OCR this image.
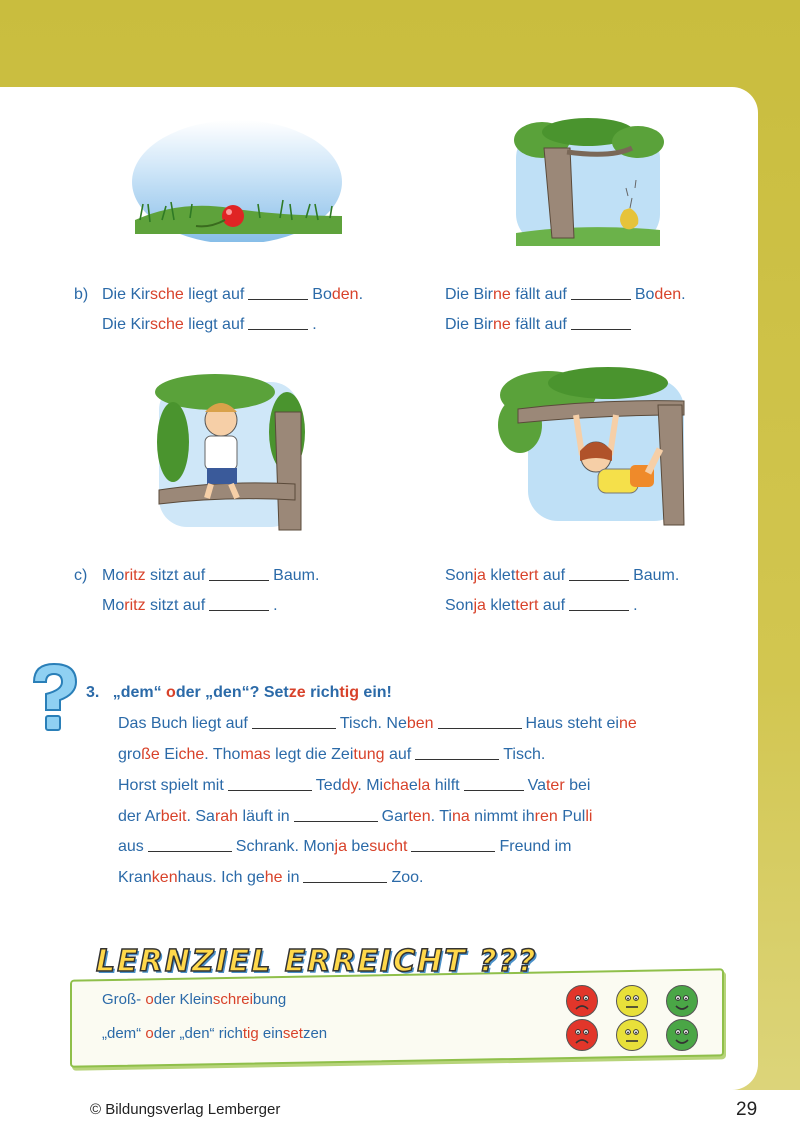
b) Die Kirsche liegt auf	Boden.
Die Kirsche liegt auf	.
Die Birne fällt auf	Boden.
Die Birne fällt auf
c) Moritz sitzt auf	Baum.
Moritz sitzt auf	.
Sonja klettert auf	Baum.
Sonja klettert auf	.
3. „dem“ oder „den“? Setze richtig ein!
Das Buch liegt auf	Tisch. Neben	Haus steht eine
große Eiche. Thomas legt die Zeitung auf	Tisch.
Horst spielt mit	Teddy. Michaela hilft	Vater bei
der Arbeit. Sarah läuft in	Garten. Tina nimmt ihren Pulli
aus	Schrank. Monja besucht	Freund im
Krankenhaus. Ich gehe in	Zoo.
LERNZIEL ERREICHT ???
Groß- oder Kleinschreibung
„dem“ oder „den“ richtig einsetzen
© Bildungsverlag Lemberger	29
